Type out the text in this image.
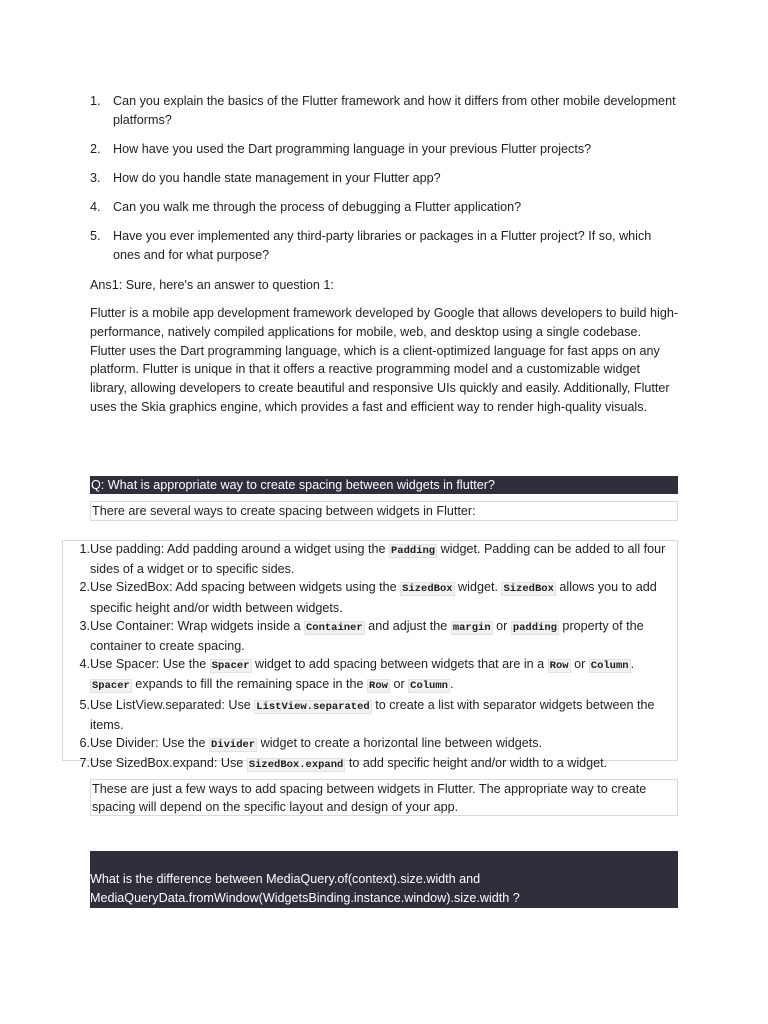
1. Can you explain the basics of the Flutter framework and how it differs from other mobile development platforms?
2. How have you used the Dart programming language in your previous Flutter projects?
3. How do you handle state management in your Flutter app?
4. Can you walk me through the process of debugging a Flutter application?
5. Have you ever implemented any third-party libraries or packages in a Flutter project? If so, which ones and for what purpose?
Ans1: Sure, here's an answer to question 1:
Flutter is a mobile app development framework developed by Google that allows developers to build high-performance, natively compiled applications for mobile, web, and desktop using a single codebase. Flutter uses the Dart programming language, which is a client-optimized language for fast apps on any platform. Flutter is unique in that it offers a reactive programming model and a customizable widget library, allowing developers to create beautiful and responsive UIs quickly and easily. Additionally, Flutter uses the Skia graphics engine, which provides a fast and efficient way to render high-quality visuals.
Q: What is appropriate way to create spacing between widgets in flutter?
There are several ways to create spacing between widgets in Flutter:
1. Use padding: Add padding around a widget using the Padding widget. Padding can be added to all four sides of a widget or to specific sides.
2. Use SizedBox: Add spacing between widgets using the SizedBox widget. SizedBox allows you to add specific height and/or width between widgets.
3. Use Container: Wrap widgets inside a Container and adjust the margin or padding property of the container to create spacing.
4. Use Spacer: Use the Spacer widget to add spacing between widgets that are in a Row or Column . Spacer expands to fill the remaining space in the Row or Column .
5. Use ListView.separated: Use ListView.separated to create a list with separator widgets between the items.
6. Use Divider: Use the Divider widget to create a horizontal line between widgets.
7. Use SizedBox.expand: Use SizedBox.expand to add specific height and/or width to a widget.
These are just a few ways to add spacing between widgets in Flutter. The appropriate way to create spacing will depend on the specific layout and design of your app.
What is the difference between MediaQuery.of(context).size.width and
MediaQueryData.fromWindow(WidgetsBinding.instance.window).size.width ?
